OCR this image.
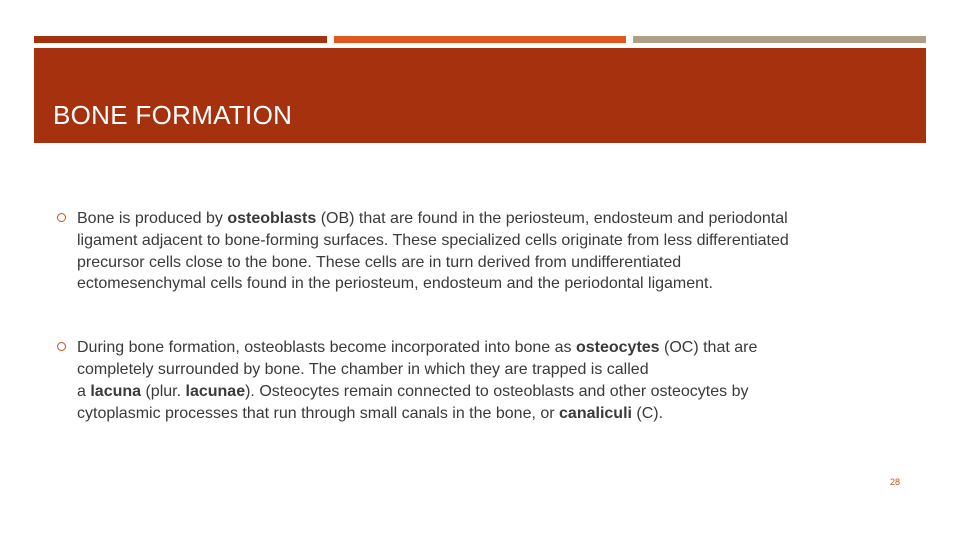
BONE FORMATION

Bone is produced by osteoblasts (OB) that are found in the periosteum, endosteum and periodontal
ligament adjacent to bone-forming surfaces. These specialized cells originate from less differentiated
precursor cells close to the bone. These cells are in turn derived from undifferentiated
ectomesenchymal cells found in the periosteum, endosteum and the periodontal ligament.

During bone formation, osteoblasts become incorporated into bone as osteocytes (OC) that are
completely surrounded by bone. The chamber in which they are trapped is called
a lacuna (plur. lacunae). Osteocytes remain connected to osteoblasts and other osteocytes by
cytoplasmic processes that run through small canals in the bone, or canaliculi (C).

28
